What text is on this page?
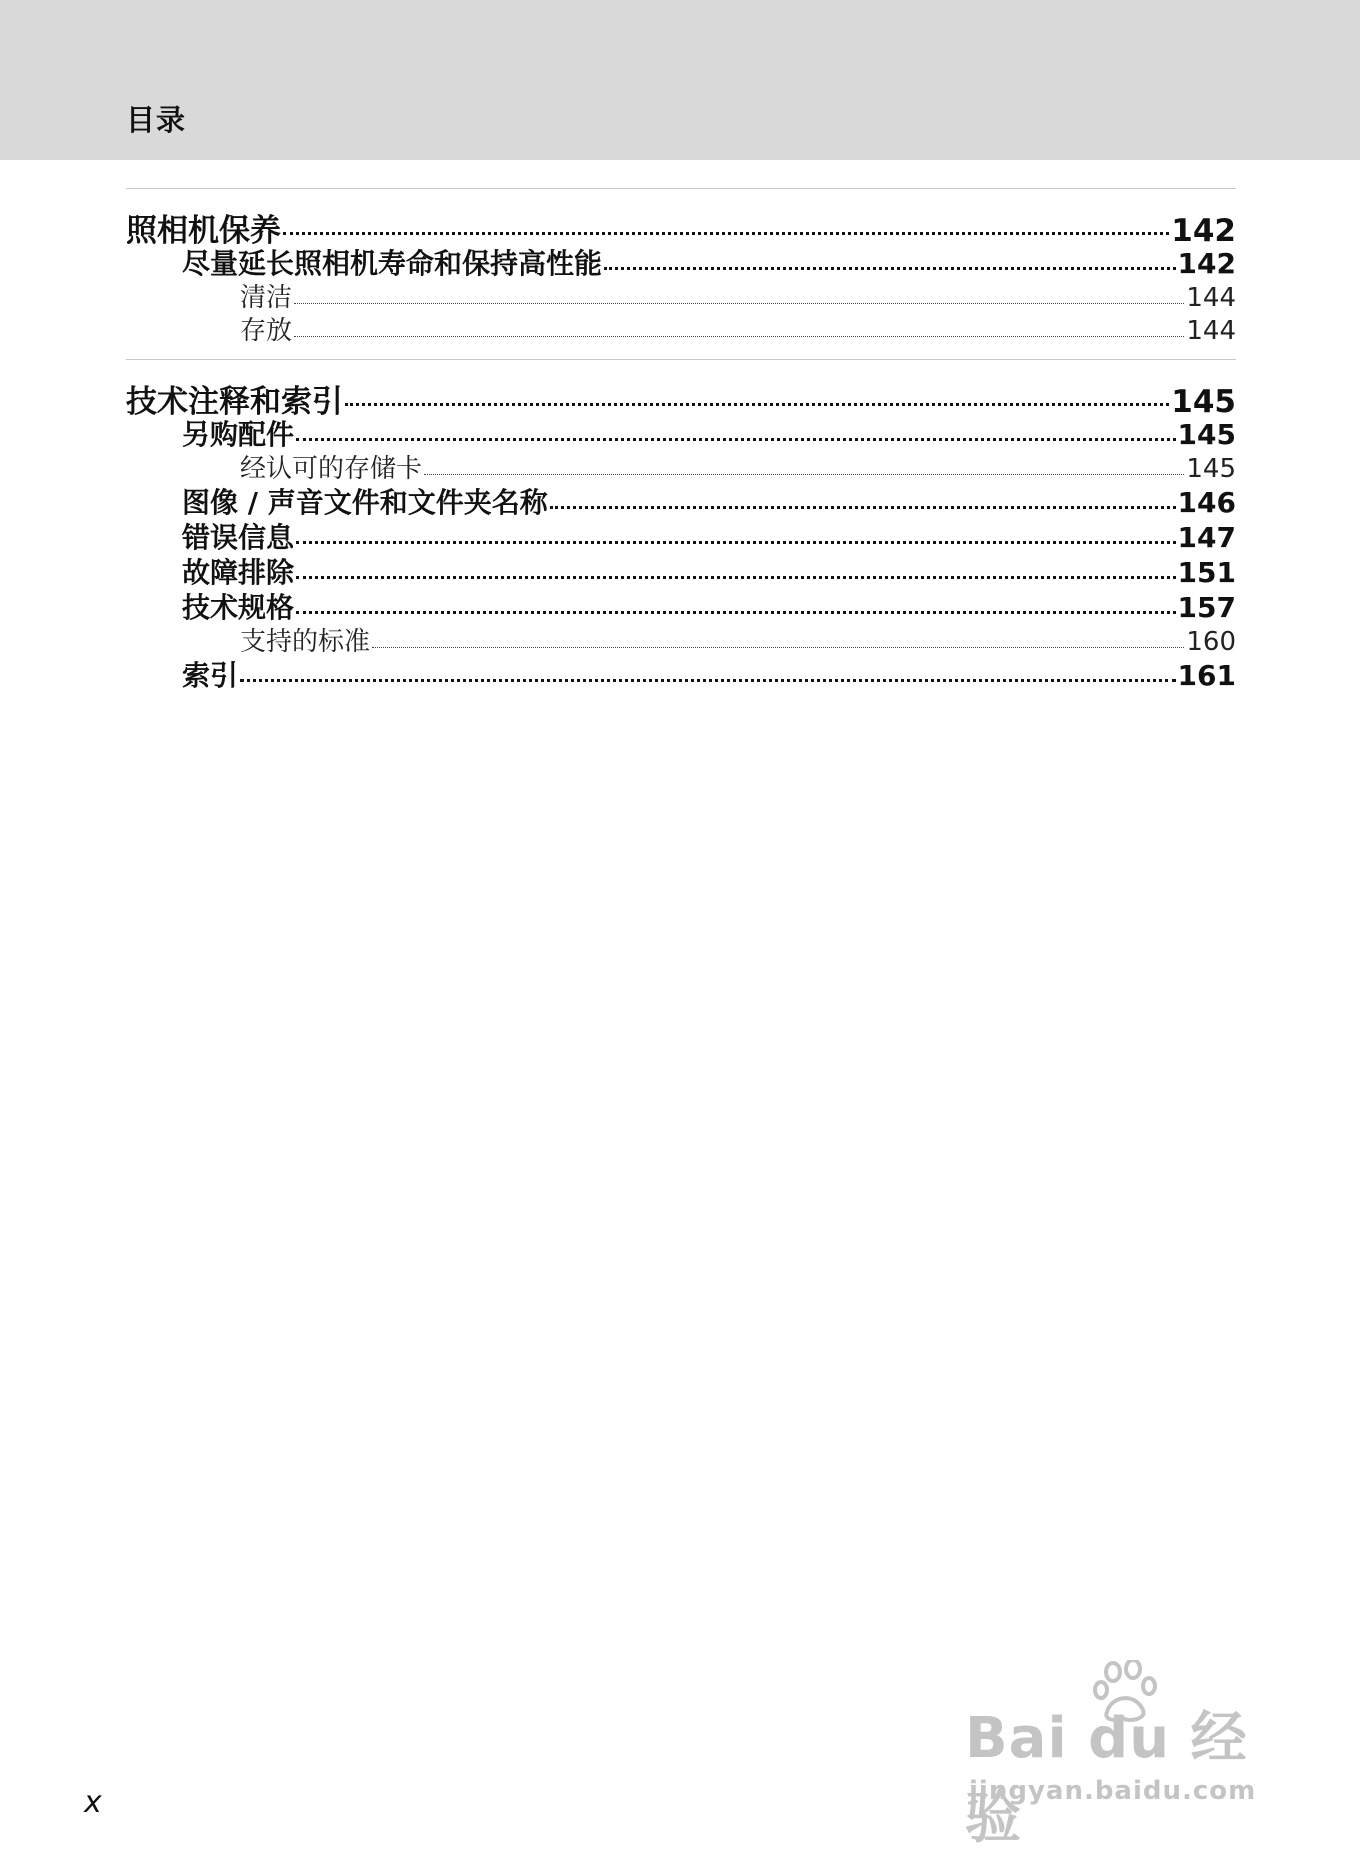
目录
照相机保养	142
尽量延长照相机寿命和保持高性能	142
清洁	144
存放	144
技术注释和索引	145
另购配件	145
经认可的存储卡	145
图像 / 声音文件和文件夹名称	146
错误信息	147
故障排除	151
技术规格	157
支持的标准	160
索引	161
x
Bai du 经验
jingyan.baidu.com
